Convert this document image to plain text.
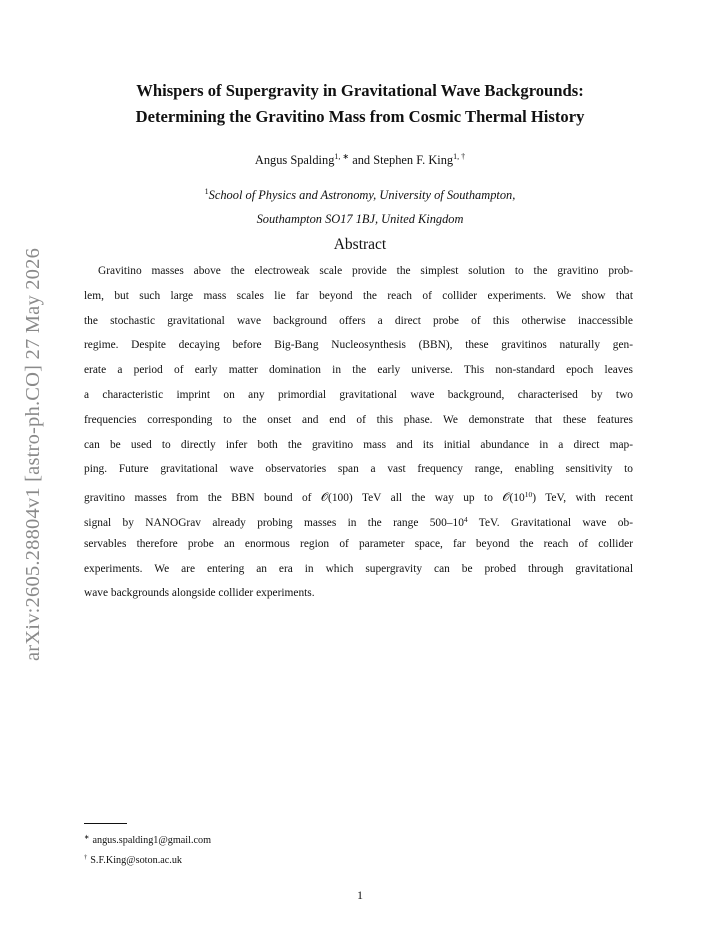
arXiv:2605.28804v1 [astro-ph.CO] 27 May 2026
Whispers of Supergravity in Gravitational Wave Backgrounds:
Determining the Gravitino Mass from Cosmic Thermal History
Angus Spalding$^{1, ∗}$ and Stephen F. King$^{1, \dagger}$
$^1$School of Physics and Astronomy, University of Southampton,
Southampton SO17 1BJ, United Kingdom
Abstract
Gravitino masses above the electroweak scale provide the simplest solution to the gravitino prob-
lem, but such large mass scales lie far beyond the reach of collider experiments. We show that
the stochastic gravitational wave background offers a direct probe of this otherwise inaccessible
regime. Despite decaying before Big-Bang Nucleosynthesis (BBN), these gravitinos naturally gen-
erate a period of early matter domination in the early universe. This non-standard epoch leaves
a characteristic imprint on any primordial gravitational wave background, characterised by two
frequencies corresponding to the onset and end of this phase. We demonstrate that these features
can be used to directly infer both the gravitino mass and its initial abundance in a direct map-
ping. Future gravitational wave observatories span a vast frequency range, enabling sensitivity to
gravitino masses from the BBN bound of 𝒪(100) TeV all the way up to $𝒪(10^{10})$ TeV, with recent
signal by NANOGrav already probing masses in the range $500-10^4$ TeV. Gravitational wave ob-
servables therefore probe an enormous region of parameter space, far beyond the reach of collider
experiments. We are entering an era in which supergravity can be probed through gravitational
wave backgrounds alongside collider experiments.
∗ angus.spalding1@gmail.com
† S.F.King@soton.ac.uk
1
